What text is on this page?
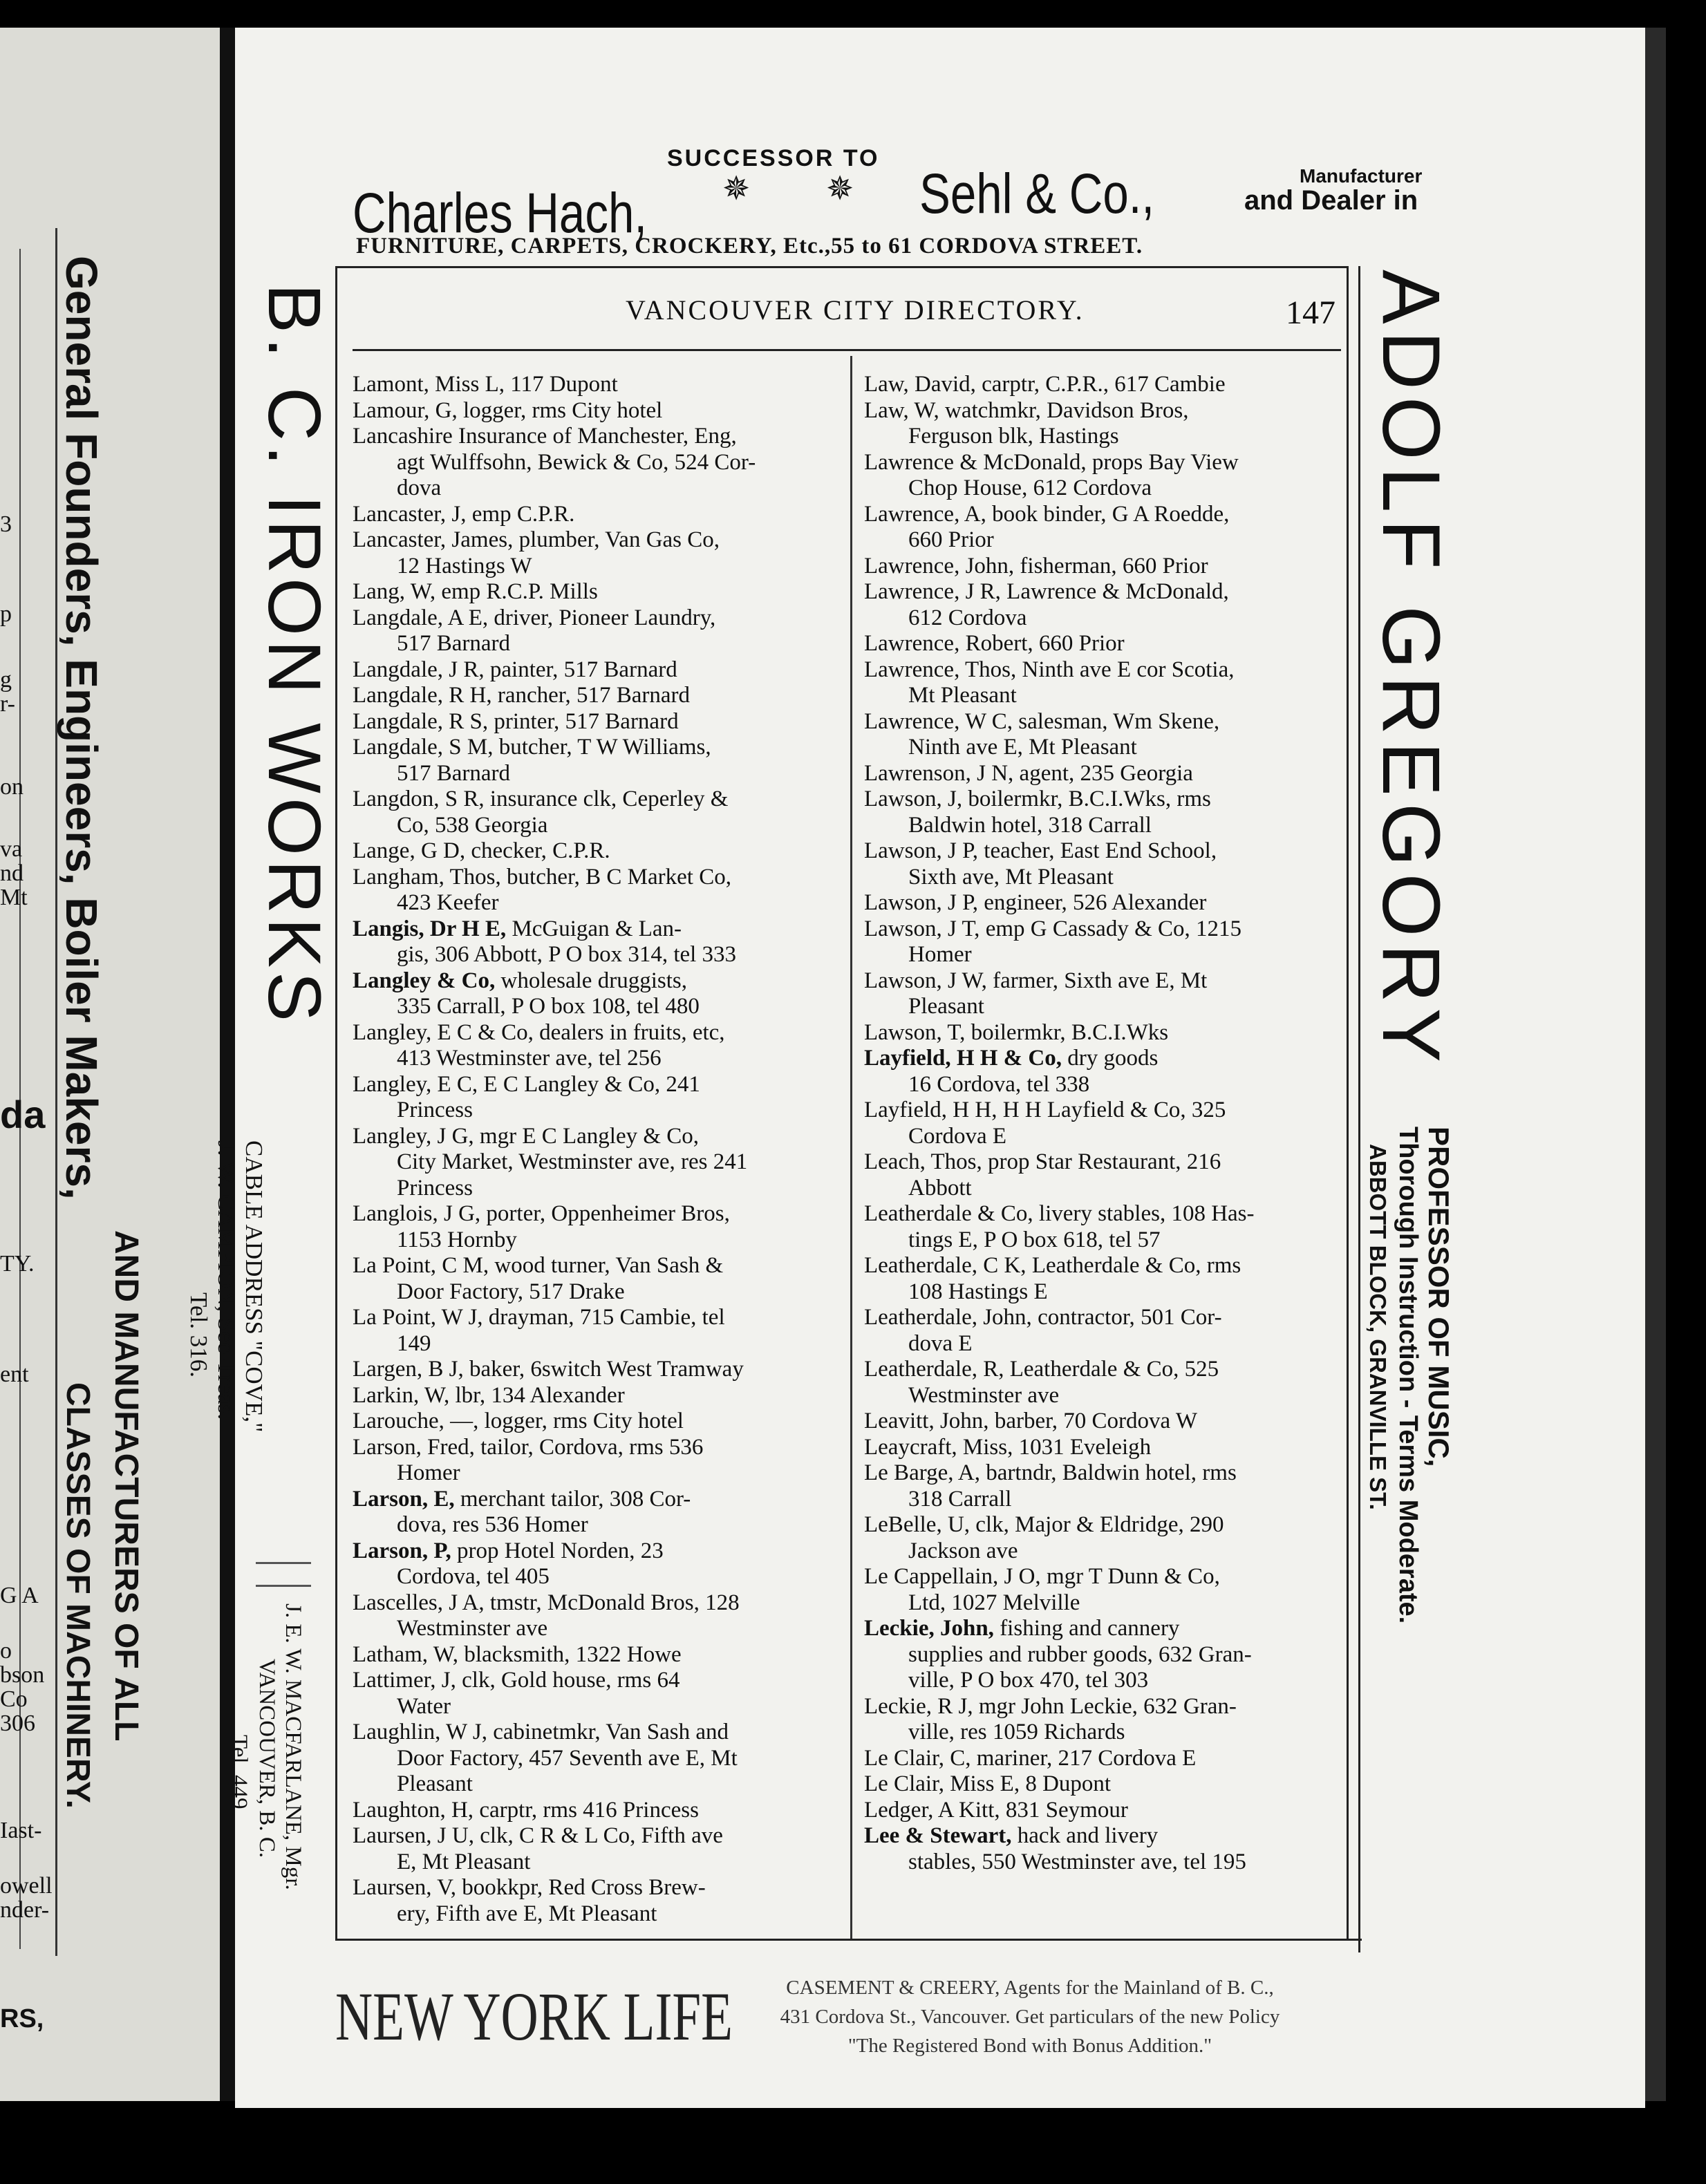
General Founders, Engineers, Boiler Makers,
AND MANUFACTURERS OF ALL
CLASSES OF MACHINERY.
3
p
g
r-
on
va
nd
Mt
da
TY.
ent
G A
o
bson
Co
306
Iast-
owell
nder-
RS,
Charles Hach,
SUCCESSOR TO
✵ ✵ Sehl & Co.,	Manufacturer
and Dealer in
FURNITURE, CARPETS, CROCKERY, Etc.,55 to 61 CORDOVA STREET.
B. C. IRON WORKS
CABLE ADDRESS "COVE,"
J. W. CAMPION, Sec-Treas.
Tel. 316.
J. E. W. MACFARLANE, Mgr.
VANCOUVER, B. C.
Tel. 449.
VANCOUVER CITY DIRECTORY.	147
Lamont, Miss L, 117 Dupont
Lamour, G, logger, rms City hotel
Lancashire Insurance of Manchester, Eng,
agt Wulffsohn, Bewick & Co, 524 Cor-
dova
Lancaster, J, emp C.P.R.
Lancaster, James, plumber, Van Gas Co,
12 Hastings W
Lang, W, emp R.C.P. Mills
Langdale, A E, driver, Pioneer Laundry,
517 Barnard
Langdale, J R, painter, 517 Barnard
Langdale, R H, rancher, 517 Barnard
Langdale, R S, printer, 517 Barnard
Langdale, S M, butcher, T W Williams,
517 Barnard
Langdon, S R, insurance clk, Ceperley &
Co, 538 Georgia
Lange, G D, checker, C.P.R.
Langham, Thos, butcher, B C Market Co,
423 Keefer
Langis, Dr H E, McGuigan & Lan-
gis, 306 Abbott, P O box 314, tel 333
Langley & Co, wholesale druggists,
335 Carrall, P O box 108, tel 480
Langley, E C & Co, dealers in fruits, etc,
413 Westminster ave, tel 256
Langley, E C, E C Langley & Co, 241
Princess
Langley, J G, mgr E C Langley & Co,
City Market, Westminster ave, res 241
Princess
Langlois, J G, porter, Oppenheimer Bros,
1153 Hornby
La Point, C M, wood turner, Van Sash &
Door Factory, 517 Drake
La Point, W J, drayman, 715 Cambie, tel
149
Largen, B J, baker, 6switch West Tramway
Larkin, W, lbr, 134 Alexander
Larouche, —, logger, rms City hotel
Larson, Fred, tailor, Cordova, rms 536
Homer
Larson, E, merchant tailor, 308 Cor-
dova, res 536 Homer
Larson, P, prop Hotel Norden, 23
Cordova, tel 405
Lascelles, J A, tmstr, McDonald Bros, 128
Westminster ave
Latham, W, blacksmith, 1322 Howe
Lattimer, J, clk, Gold house, rms 64
Water
Laughlin, W J, cabinetmkr, Van Sash and
Door Factory, 457 Seventh ave E, Mt
Pleasant
Laughton, H, carptr, rms 416 Princess
Laursen, J U, clk, C R & L Co, Fifth ave
E, Mt Pleasant
Laursen, V, bookkpr, Red Cross Brew-
ery, Fifth ave E, Mt Pleasant
Law, David, carptr, C.P.R., 617 Cambie
Law, W, watchmkr, Davidson Bros,
Ferguson blk, Hastings
Lawrence & McDonald, props Bay View
Chop House, 612 Cordova
Lawrence, A, book binder, G A Roedde,
660 Prior
Lawrence, John, fisherman, 660 Prior
Lawrence, J R, Lawrence & McDonald,
612 Cordova
Lawrence, Robert, 660 Prior
Lawrence, Thos, Ninth ave E cor Scotia,
Mt Pleasant
Lawrence, W C, salesman, Wm Skene,
Ninth ave E, Mt Pleasant
Lawrenson, J N, agent, 235 Georgia
Lawson, J, boilermkr, B.C.I.Wks, rms
Baldwin hotel, 318 Carrall
Lawson, J P, teacher, East End School,
Sixth ave, Mt Pleasant
Lawson, J P, engineer, 526 Alexander
Lawson, J T, emp G Cassady & Co, 1215
Homer
Lawson, J W, farmer, Sixth ave E, Mt
Pleasant
Lawson, T, boilermkr, B.C.I.Wks
Layfield, H H & Co, dry goods
16 Cordova, tel 338
Layfield, H H, H H Layfield & Co, 325
Cordova E
Leach, Thos, prop Star Restaurant, 216
Abbott
Leatherdale & Co, livery stables, 108 Has-
tings E, P O box 618, tel 57
Leatherdale, C K, Leatherdale & Co, rms
108 Hastings E
Leatherdale, John, contractor, 501 Cor-
dova E
Leatherdale, R, Leatherdale & Co, 525
Westminster ave
Leavitt, John, barber, 70 Cordova W
Leaycraft, Miss, 1031 Eveleigh
Le Barge, A, bartndr, Baldwin hotel, rms
318 Carrall
LeBelle, U, clk, Major & Eldridge, 290
Jackson ave
Le Cappellain, J O, mgr T Dunn & Co,
Ltd, 1027 Melville
Leckie, John, fishing and cannery
supplies and rubber goods, 632 Gran-
ville, P O box 470, tel 303
Leckie, R J, mgr John Leckie, 632 Gran-
ville, res 1059 Richards
Le Clair, C, mariner, 217 Cordova E
Le Clair, Miss E, 8 Dupont
Ledger, A Kitt, 831 Seymour
Lee & Stewart, hack and livery
stables, 550 Westminster ave, tel 195
ADOLF GREGORY
PROFESSOR OF MUSIC,
Thorough Instruction - Terms Moderate.
ABBOTT BLOCK, GRANVILLE ST.
NEW YORK LIFE	CASEMENT & CREERY, Agents for the Mainland of B. C.,
431 Cordova St., Vancouver. Get particulars of the new Policy
"The Registered Bond with Bonus Addition."
